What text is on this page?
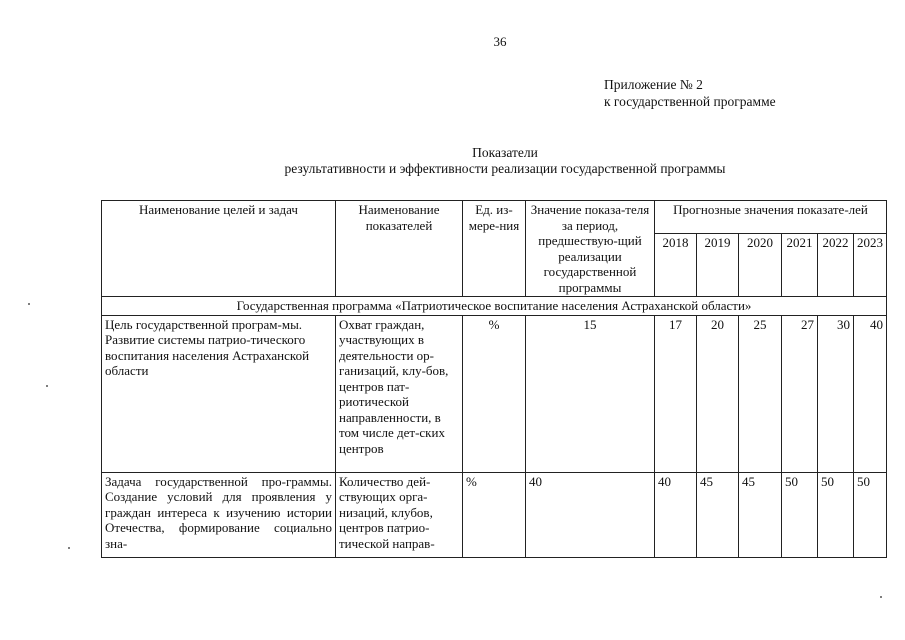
36
Приложение № 2
к государственной программе
Показатели
результативности и эффективности реализации государственной программы
Наименование целей и задач	Наименование показателей	Ед. из-мере-ния	Значение показа-теля за период, предшествую-щий реализации государственной программы	Прогнозные значения показате-лей					
				2018	2019	2020	2021	2022	2023
Государственная программа «Патриотическое воспитание населения Астраханской области»									
Цель государственной програм-мы. Развитие системы патрио-тического воспитания населения Астраханской области	Охват граждан, участвующих в деятельности ор-ганизаций, клу-бов, центров пат-риотической направленности, в том числе дет-ских центров	%	15	17	20	25	27	30	40
Задача государственной про-граммы. Создание условий для проявления у граждан интереса к изучению истории Отечества, формирование социально зна-	Количество дей-ствующих орга-низаций, клубов, центров патрио-тической направ-	%	40	40	45	45	50	50	50
